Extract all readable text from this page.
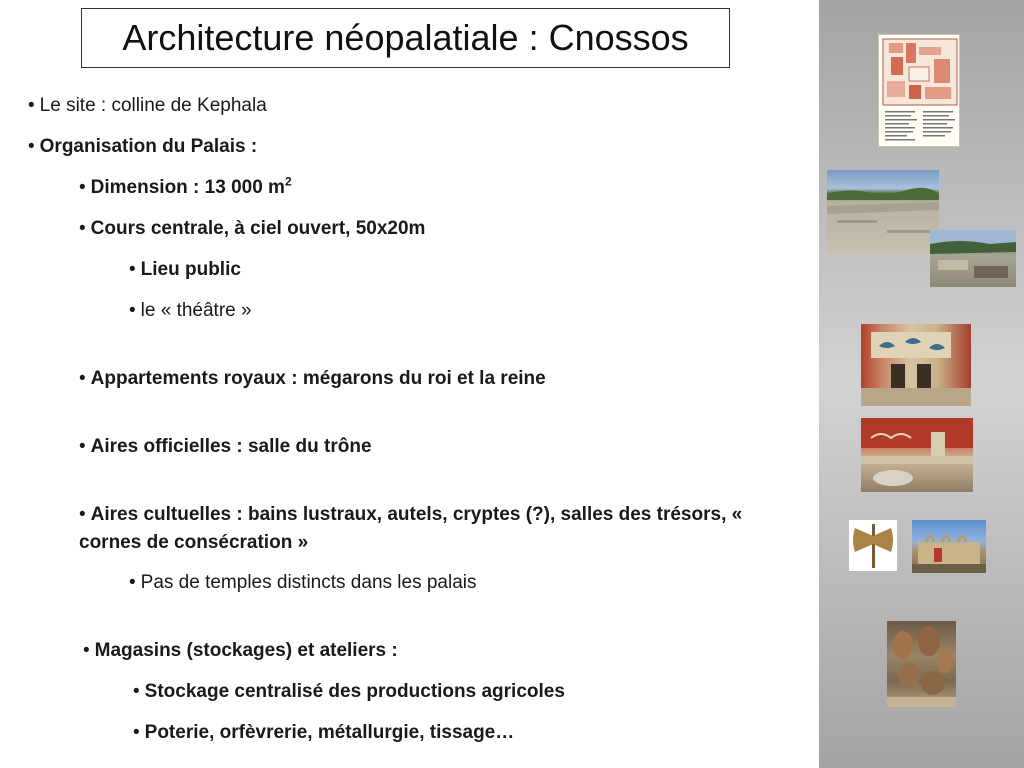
Architecture néopalatiale : Cnossos
• Le site : colline de Kephala
• Organisation du Palais :
• Dimension : 13 000 $m^2$
• Cours centrale, à ciel ouvert, 50x20m
• Lieu public
• le « théâtre »
• Appartements royaux : mégarons du roi et la reine
• Aires officielles : salle du trône
• Aires cultuelles : bains lustraux, autels, cryptes (?), salles des trésors, « cornes de consécration »
• Pas de temples distincts dans les palais
• Magasins (stockages) et ateliers :
• Stockage centralisé des productions agricoles
• Poterie, orfèvrerie, métallurgie, tissage…
